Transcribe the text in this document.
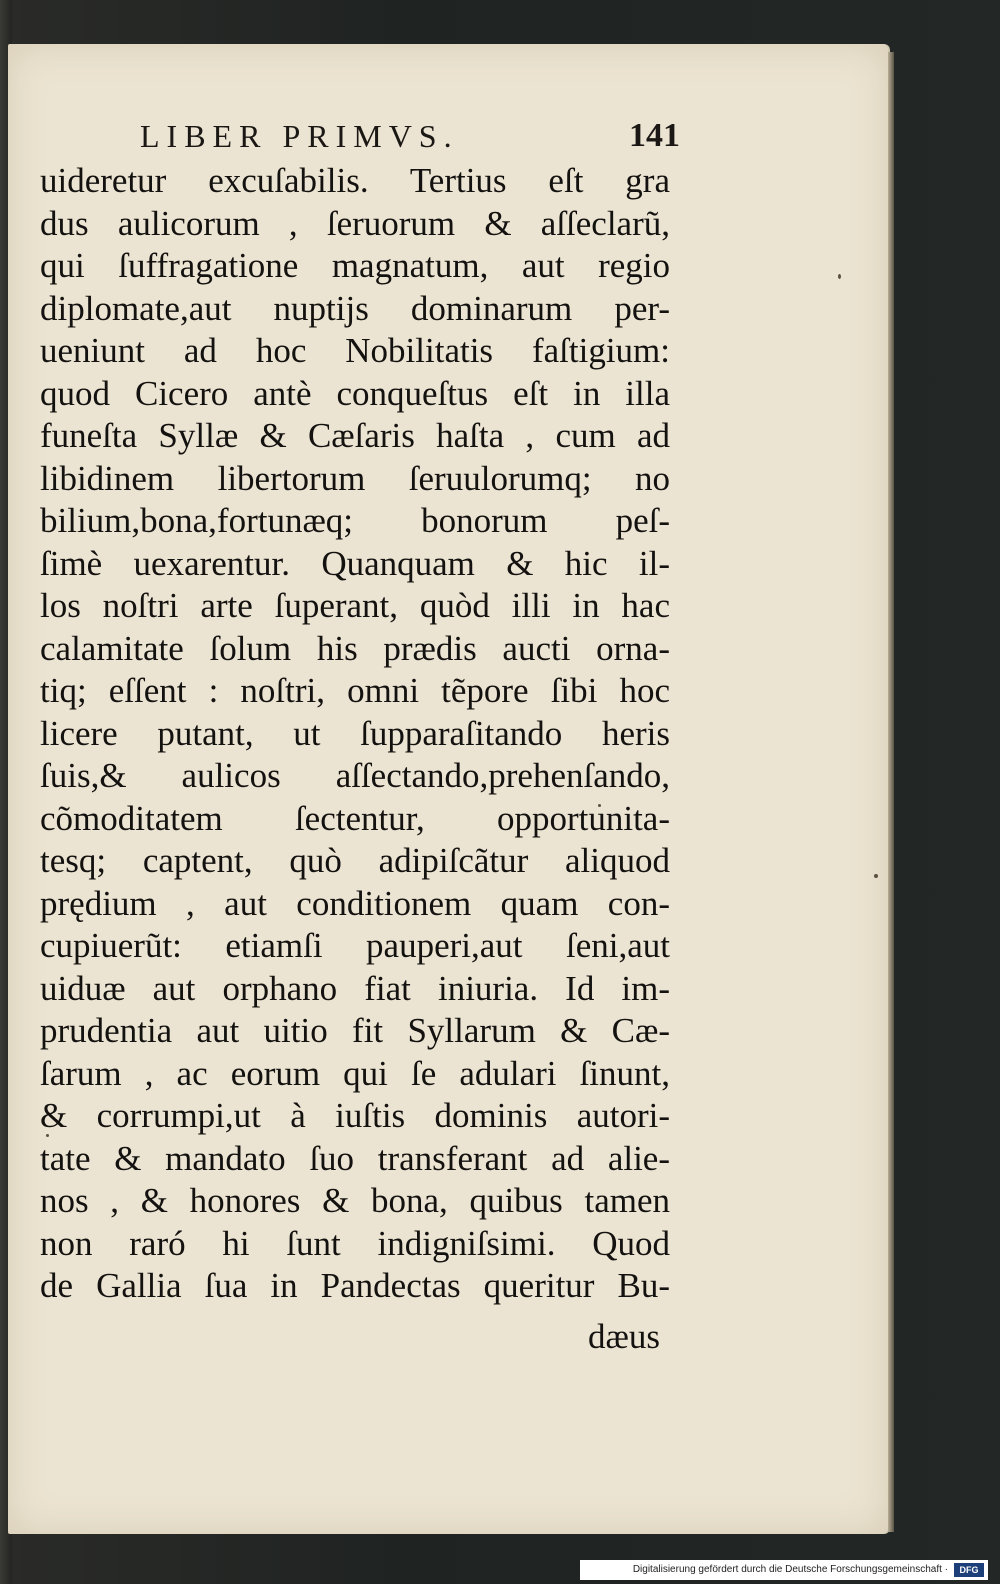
LIBER PRIMVS.	141
uideretur excuſabilis. Tertius eſt gra
dus aulicorum , ſeruorum & aſſeclarũ,
qui ſuffragatione magnatum, aut regio
diplomate,aut nuptijs dominarum per-
ueniunt ad hoc Nobilitatis faſtigium:
quod Cicero antè conqueſtus eſt in illa
funeſta Syllæ & Cæſaris haſta , cum ad
libidinem libertorum ſeruulorumq; no
bilium,bona,fortunæq; bonorum peſ-
ſimè uexarentur. Quanquam & hic il-
los noſtri arte ſuperant, quòd illi in hac
calamitate ſolum his prædis aucti orna-
tiq; eſſent : noſtri, omni tẽpore ſibi hoc
licere putant, ut ſupparaſitando heris
ſuis,& aulicos aſſectando,prehenſando,
cõmoditatem ſectentur, opportunita-
tesq; captent, quò adipiſcãtur aliquod
prędium , aut conditionem quam con-
cupiuerũt: etiamſi pauperi,aut ſeni,aut
uiduæ aut orphano fiat iniuria. Id im-
prudentia aut uitio fit Syllarum & Cæ-
ſarum , ac eorum qui ſe adulari ſinunt,
& corrumpi,ut à iuſtis dominis autori-
tate & mandato ſuo transferant ad alie-
nos , & honores & bona, quibus tamen
non raró hi ſunt indigniſsimi. Quod
de Gallia ſua in Pandectas queritur Bu-
dæus
Digitalisierung gefördert durch die Deutsche Forschungsgemeinschaft ·	DFG
